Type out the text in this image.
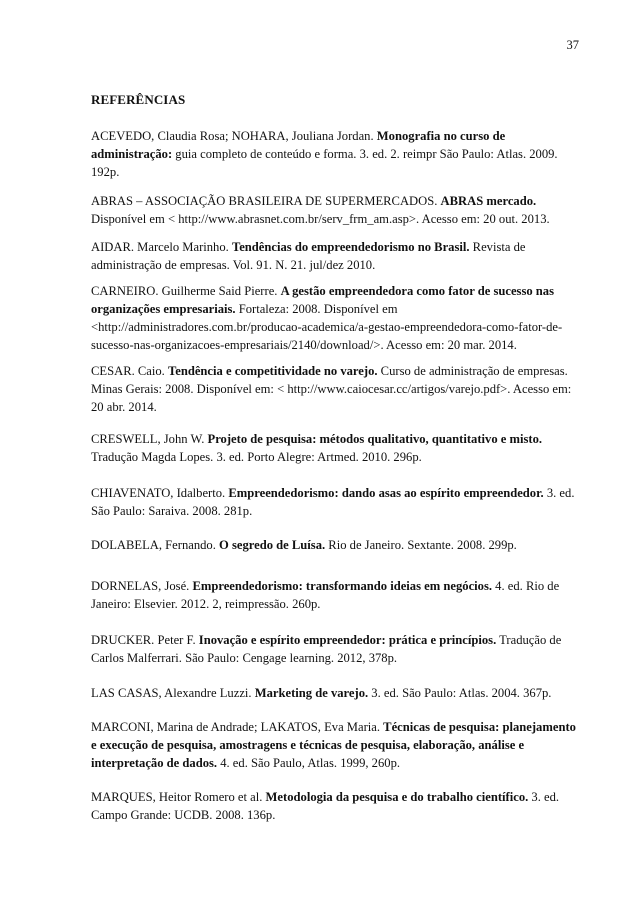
37
REFERÊNCIAS
ACEVEDO, Claudia Rosa; NOHARA, Jouliana Jordan. Monografia no curso de administração: guia completo de conteúdo e forma. 3. ed. 2. reimpr São Paulo: Atlas. 2009. 192p.
ABRAS – ASSOCIAÇÃO BRASILEIRA DE SUPERMERCADOS. ABRAS mercado. Disponível em < http://www.abrasnet.com.br/serv_frm_am.asp>. Acesso em: 20 out. 2013.
AIDAR. Marcelo Marinho. Tendências do empreendedorismo no Brasil. Revista de administração de empresas. Vol. 91. N. 21. jul/dez 2010.
CARNEIRO. Guilherme Said Pierre. A gestão empreendedora como fator de sucesso nas organizações empresariais. Fortaleza: 2008. Disponível em <http://administradores.com.br/producao-academica/a-gestao-empreendedora-como-fator-de-sucesso-nas-organizacoes-empresariais/2140/download/>. Acesso em: 20 mar. 2014.
CESAR. Caio. Tendência e competitividade no varejo. Curso de administração de empresas. Minas Gerais: 2008. Disponível em: < http://www.caiocesar.cc/artigos/varejo.pdf>. Acesso em: 20 abr. 2014.
CRESWELL, John W. Projeto de pesquisa: métodos qualitativo, quantitativo e misto. Tradução Magda Lopes. 3. ed. Porto Alegre: Artmed. 2010. 296p.
CHIAVENATO, Idalberto. Empreendedorismo: dando asas ao espírito empreendedor. 3. ed. São Paulo: Saraiva. 2008. 281p.
DOLABELA, Fernando. O segredo de Luísa. Rio de Janeiro. Sextante. 2008. 299p.
DORNELAS, José. Empreendedorismo: transformando ideias em negócios. 4. ed. Rio de Janeiro: Elsevier. 2012. 2, reimpressão. 260p.
DRUCKER. Peter F. Inovação e espírito empreendedor: prática e princípios. Tradução de Carlos Malferrari. São Paulo: Cengage learning. 2012, 378p.
LAS CASAS, Alexandre Luzzi. Marketing de varejo. 3. ed. São Paulo: Atlas. 2004. 367p.
MARCONI, Marina de Andrade; LAKATOS, Eva Maria. Técnicas de pesquisa: planejamento e execução de pesquisa, amostragens e técnicas de pesquisa, elaboração, análise e interpretação de dados. 4. ed. São Paulo, Atlas. 1999, 260p.
MARQUES, Heitor Romero et al. Metodologia da pesquisa e do trabalho científico. 3. ed. Campo Grande: UCDB. 2008. 136p.
